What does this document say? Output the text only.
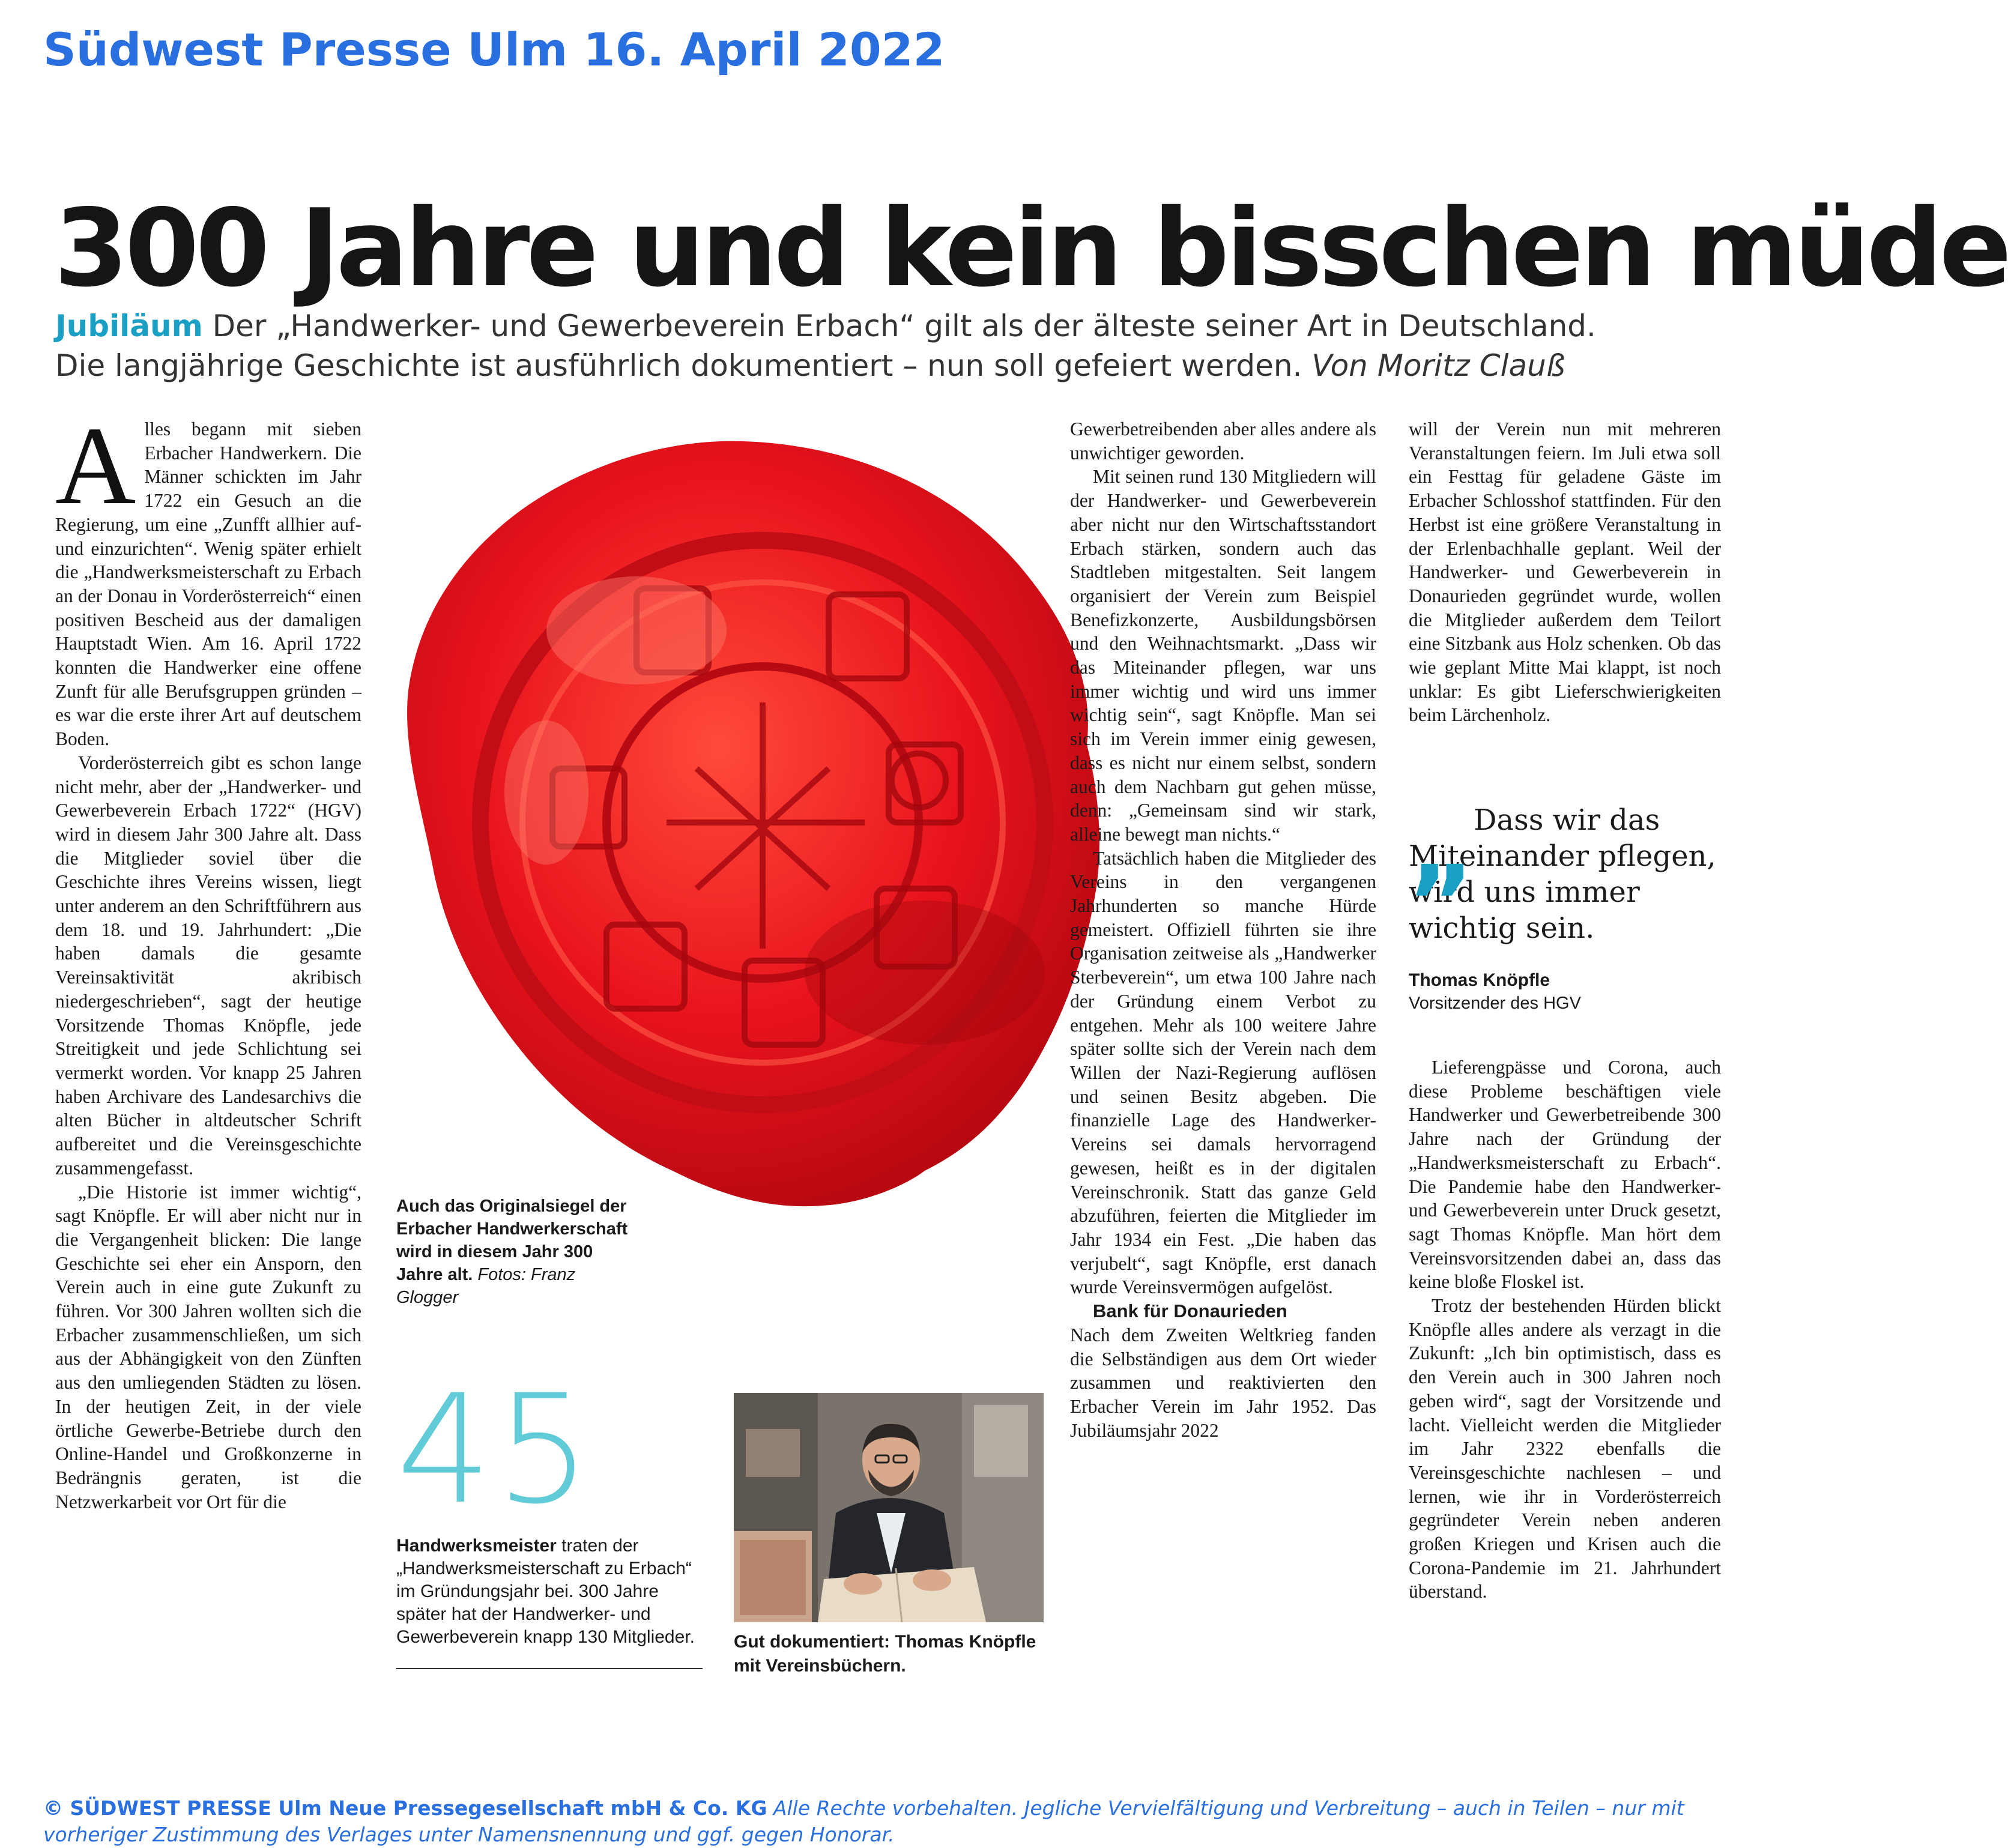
Südwest Presse Ulm 16. April 2022
300 Jahre und kein bisschen müde
Jubiläum Der „Handwerker- und Gewerbeverein Erbach“ gilt als der älteste seiner Art in Deutschland. Die langjährige Geschichte ist ausführlich dokumentiert – nun soll gefeiert werden. Von Moritz Clauß

Alles begann mit sieben Erbacher Handwerkern. Die Männer schickten im Jahr 1722 ein Gesuch an die Regierung, um eine „Zunfft allhier auf- und einzurichten“. Wenig später erhielt die „Handwerksmeisterschaft zu Erbach an der Donau in Vorderösterreich“ einen positiven Bescheid aus der damaligen Hauptstadt Wien. Am 16. April 1722 konnten die Handwerker eine offene Zunft für alle Berufsgruppen gründen – es war die erste ihrer Art auf deutschem Boden.

Vorderösterreich gibt es schon lange nicht mehr, aber der „Handwerker- und Gewerbeverein Erbach 1722“ (HGV) wird in diesem Jahr 300 Jahre alt. Dass die Mitglieder soviel über die Geschichte ihres Vereins wissen, liegt unter anderem an den Schriftführern aus dem 18. und 19. Jahrhundert: „Die haben damals die gesamte Vereinsaktivität akribisch niedergeschrieben“, sagt der heutige Vorsitzende Thomas Knöpfle, jede Streitigkeit und jede Schlichtung sei vermerkt worden. Vor knapp 25 Jahren haben Archivare des Landesarchivs die alten Bücher in altdeutscher Schrift aufbereitet und die Vereinsgeschichte zusammengefasst.

„Die Historie ist immer wichtig“, sagt Knöpfle. Er will aber nicht nur in die Vergangenheit blicken: Die lange Geschichte sei eher ein Ansporn, den Verein auch in eine gute Zukunft zu führen. Vor 300 Jahren wollten sich die Erbacher zusammenschließen, um sich aus der Abhängigkeit von den Zünften aus den umliegenden Städten zu lösen. In der heutigen Zeit, in der viele örtliche Gewerbe-Betriebe durch den Online-Handel und Großkonzerne in Bedrängnis geraten, ist die Netzwerkarbeit vor Ort für die

Auch das Originalsiegel der Erbacher Handwerkerschaft wird in diesem Jahr 300 Jahre alt. Fotos: Franz Glogger
45
Handwerksmeister traten der „Handwerksmeisterschaft zu Erbach“ im Gründungsjahr bei. 300 Jahre später hat der Handwerker- und Gewerbeverein knapp 130 Mitglieder.	Gut dokumentiert: Thomas Knöpfle mit Vereinsbüchern.

Gewerbetreibenden aber alles andere als unwichtiger geworden.

Mit seinen rund 130 Mitgliedern will der Handwerker- und Gewerbeverein aber nicht nur den Wirtschaftsstandort Erbach stärken, sondern auch das Stadtleben mitgestalten. Seit langem organisiert der Verein zum Beispiel Benefizkonzerte, Ausbildungsbörsen und den Weihnachtsmarkt. „Dass wir das Miteinander pflegen, war uns immer wichtig und wird uns immer wichtig sein“, sagt Knöpfle. Man sei sich im Verein immer einig gewesen, dass es nicht nur einem selbst, sondern auch dem Nachbarn gut gehen müsse, denn: „Gemeinsam sind wir stark, alleine bewegt man nichts.“

Tatsächlich haben die Mitglieder des Vereins in den vergangenen Jahrhunderten so manche Hürde gemeistert. Offiziell führten sie ihre Organisation zeitweise als „Handwerker Sterbeverein“, um etwa 100 Jahre nach der Gründung einem Verbot zu entgehen. Mehr als 100 weitere Jahre später sollte sich der Verein nach dem Willen der Nazi-Regierung auflösen und seinen Besitz abgeben. Die finanzielle Lage des Handwerker-Vereins sei damals hervorragend gewesen, heißt es in der digitalen Vereinschronik. Statt das ganze Geld abzuführen, feierten die Mitglieder im Jahr 1934 ein Fest. „Die haben das verjubelt“, sagt Knöpfle, erst danach wurde Vereinsvermögen aufgelöst.

Bank für Donaurieden

Nach dem Zweiten Weltkrieg fanden die Selbständigen aus dem Ort wieder zusammen und reaktivierten den Erbacher Verein im Jahr 1952. Das Jubiläumsjahr 2022

will der Verein nun mit mehreren Veranstaltungen feiern. Im Juli etwa soll ein Festtag für geladene Gäste im Erbacher Schlosshof stattfinden. Für den Herbst ist eine größere Veranstaltung in der Erlenbachhalle geplant. Weil der Handwerker- und Gewerbeverein in Donaurieden gegründet wurde, wollen die Mitglieder außerdem dem Teilort eine Sitzbank aus Holz schenken. Ob das wie geplant Mitte Mai klappt, ist noch unklar: Es gibt Lieferschwierigkeiten beim Lärchenholz.

„

Dass wir das Miteinander pflegen, wird uns immer wichtig sein.

Thomas Knöpfle
Vorsitzender des HGV

Lieferengpässe und Corona, auch diese Probleme beschäftigen viele Handwerker und Gewerbetreibende 300 Jahre nach der Gründung der „Handwerksmeisterschaft zu Erbach“. Die Pandemie habe den Handwerker- und Gewerbeverein unter Druck gesetzt, sagt Thomas Knöpfle. Man hört dem Vereinsvorsitzenden dabei an, dass das keine bloße Floskel ist.

Trotz der bestehenden Hürden blickt Knöpfle alles andere als verzagt in die Zukunft: „Ich bin optimistisch, dass es den Verein auch in 300 Jahren noch geben wird“, sagt der Vorsitzende und lacht. Vielleicht werden die Mitglieder im Jahr 2322 ebenfalls die Vereinsgeschichte nachlesen – und lernen, wie ihr in Vorderösterreich gegründeter Verein neben anderen großen Kriegen und Krisen auch die Corona-Pandemie im 21. Jahrhundert überstand.

© SÜDWEST PRESSE Ulm Neue Pressegesellschaft mbH & Co. KG Alle Rechte vorbehalten. Jegliche Vervielfältigung und Verbreitung – auch in Teilen – nur mit vorheriger Zustimmung des Verlages unter Namensnennung und ggf. gegen Honorar.
